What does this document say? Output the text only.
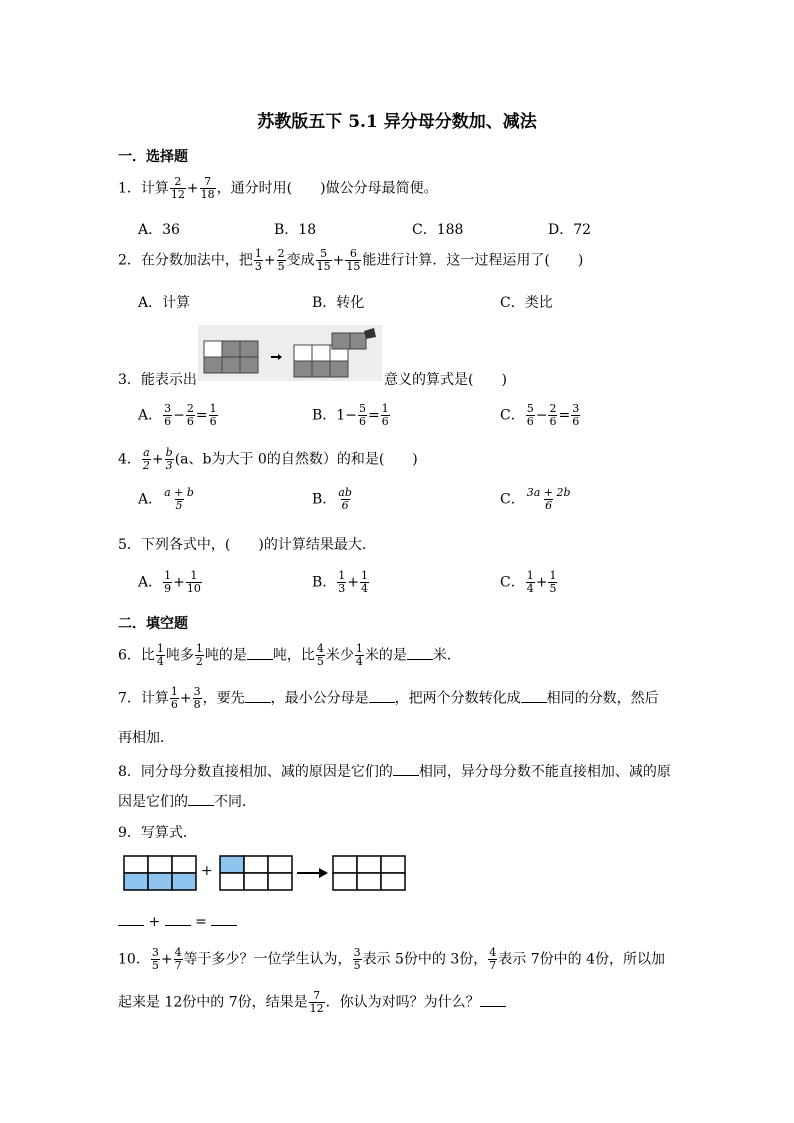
苏教版五下 5.1 异分母分数加、减法
一．选择题
1．计算 $\frac{2}{12} + \frac{7}{18}$ ，通分时用(　　)做公分母最简便。
A．36	B．18	C．188	D．72
2．在分数加法中，把 $\frac{1}{3} + \frac{2}{5}$ 变成 $\frac{5}{15} + \frac{6}{15}$ 能进行计算．这一过程运用了(　　)
A．计算	B．转化	C．类比
3．能表示出	意义的算式是(　　)
A． $\frac{3}{6} - \frac{2}{6} = \frac{1}{6}$	B．$1- \frac{5}{6} = \frac{1}{6}$	C． $\frac{5}{6} - \frac{2}{6} = \frac{3}{6}$
4． $\frac{a}{2} + \frac{b}{3} (a$、b为大于 0的自然数）的和是(　　)
A． $\frac{a + b}{5}$	B． $\frac{ab}{6}$	C． $\frac{3a + 2b}{6}$
5．下列各式中，(　　)的计算结果最大．
A． $\frac{1}{9} + \frac{1}{10}$	B． $\frac{1}{3} + \frac{1}{4}$	C． $\frac{1}{4} + \frac{1}{5}$
二．填空题
6．比 $\frac{1}{4}$ 吨多 $\frac{1}{2}$ 吨的是 吨，比 $\frac{4}{5}$ 米少 $\frac{1}{4}$ 米的是 米．
7．计算 $\frac{1}{6} + \frac{3}{8}$ ，要先 ，最小公分母是 ，把两个分数转化成 相同的分数，然后
再相加．
8．同分母分数直接相加、减的原因是它们的 相同，异分母分数不能直接相加、减的原
因是它们的 不同．
9．写算式．
+
+ =
10． $\frac{3}{5} + \frac{4}{7}$ 等于多少？一位学生认为， $\frac{3}{5}$ 表示 5份中的 3份， $\frac{4}{7}$ 表示 7份中的 4份，所以加
起来是 12份中的 7份，结果是 $\frac{7}{12}$ ．你认为对吗？为什么？
